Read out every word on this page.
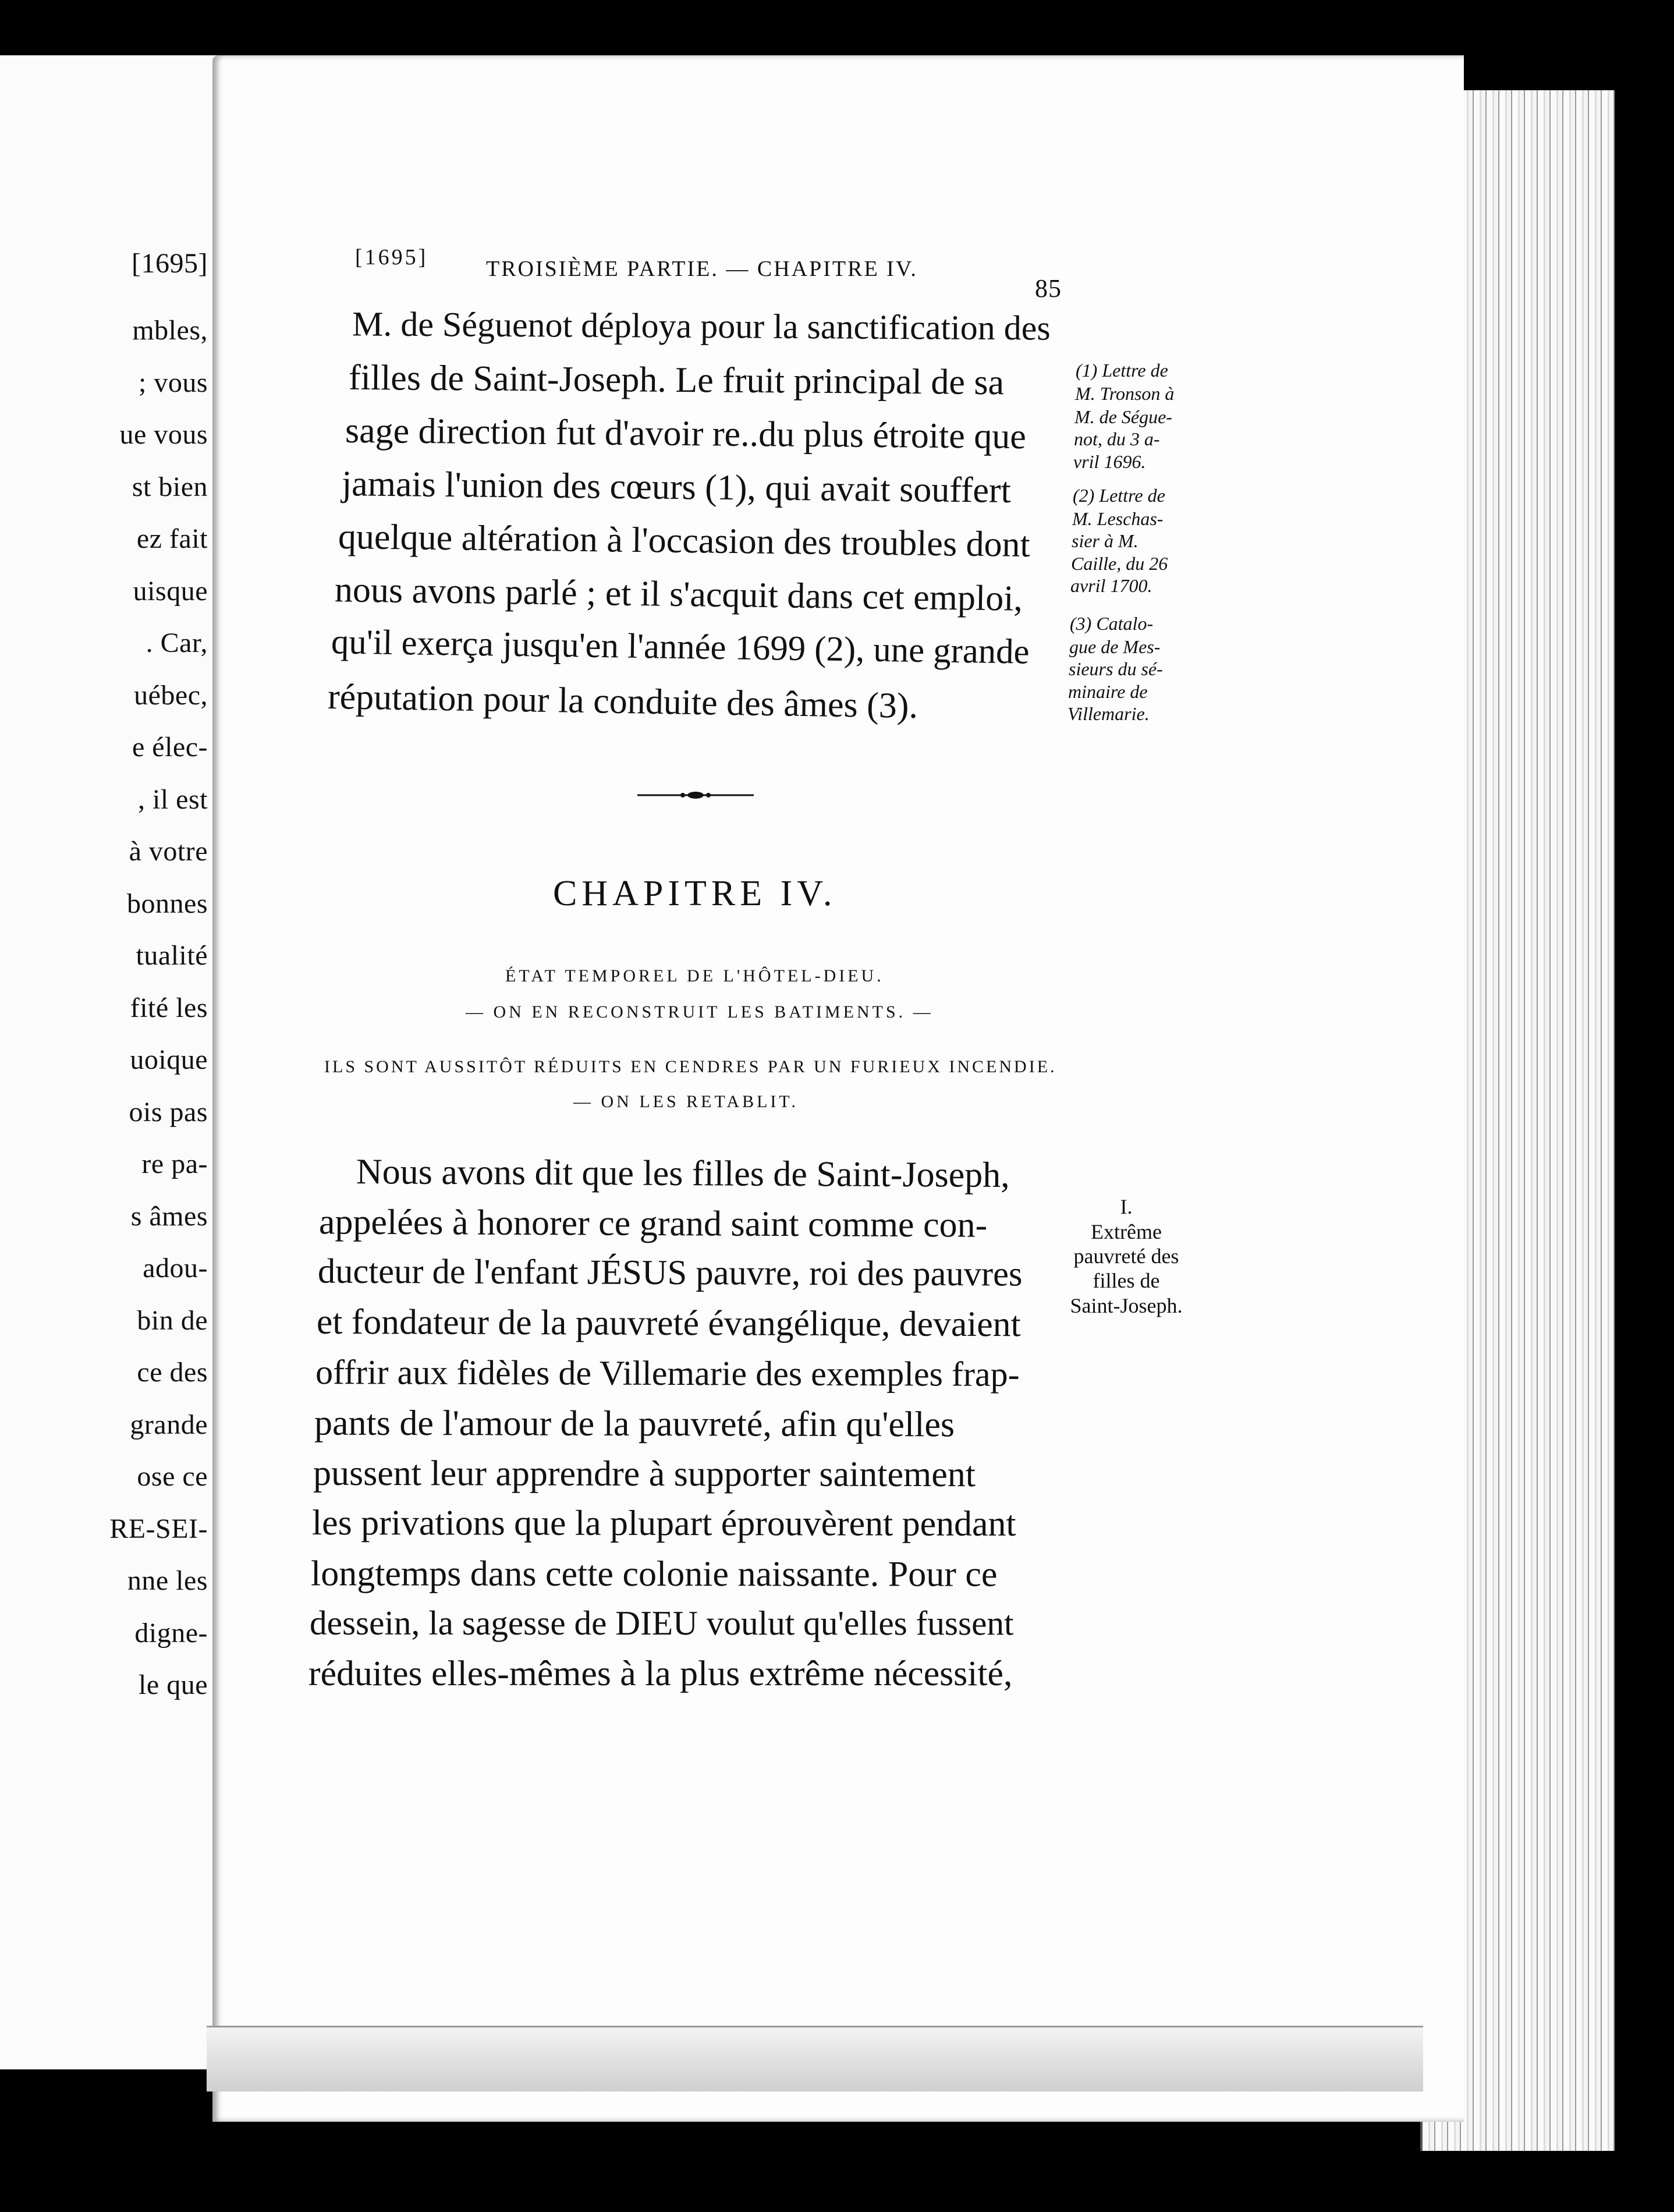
[1695]
mbles,
; vous
ue vous
st bien
ez fait
uisque
. Car,
uébec,
e élec-
, il est
à votre
bonnes
tualité
fité les
uoique
ois pas
re pa-
s âmes
adou-
bin de
ce des
grande
ose ce
RE-SEI-
nne les
digne-
le que
[1695]	TROISIÈME PARTIE. — CHAPITRE IV.
85
M. de Séguenot déploya pour la sanctification des
filles de Saint-Joseph. Le fruit principal de sa
sage direction fut d'avoir re..du plus étroite que
jamais l'union des cœurs (1), qui avait souffert
quelque altération à l'occasion des troubles dont
nous avons parlé ; et il s'acquit dans cet emploi,
qu'il exerça jusqu'en l'année 1699 (2), une grande
réputation pour la conduite des âmes (3).
(1) Lettre de
M. Tronson à
M. de Ségue-
not, du 3 a-
vril 1696.
(2) Lettre de
M. Leschas-
sier à M.
Caille, du 26
avril 1700.
(3) Catalo-
gue de Mes-
sieurs du sé-
minaire de
Villemarie.
CHAPITRE IV.
ÉTAT TEMPOREL DE L'HÔTEL-DIEU.
— ON EN RECONSTRUIT LES BATIMENTS. —
ILS SONT AUSSITÔT RÉDUITS EN CENDRES PAR UN FURIEUX INCENDIE.
— ON LES RETABLIT.
I.
Extrême
pauvreté des
filles de
Saint-Joseph.
Nous avons dit que les filles de Saint-Joseph,
appelées à honorer ce grand saint comme con-
ducteur de l'enfant JÉSUS pauvre, roi des pauvres
et fondateur de la pauvreté évangélique, devaient
offrir aux fidèles de Villemarie des exemples frap-
pants de l'amour de la pauvreté, afin qu'elles
pussent leur apprendre à supporter saintement
les privations que la plupart éprouvèrent pendant
longtemps dans cette colonie naissante. Pour ce
dessein, la sagesse de DIEU voulut qu'elles fussent
réduites elles-mêmes à la plus extrême nécessité,
